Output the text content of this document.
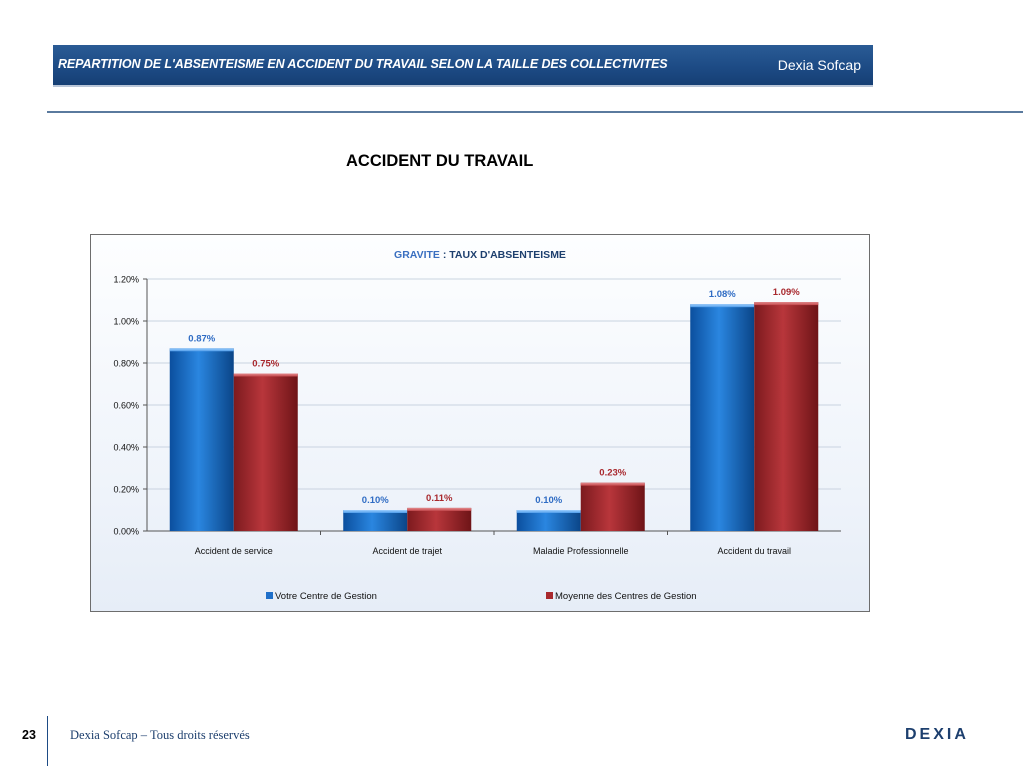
REPARTITION DE L'ABSENTEISME EN ACCIDENT DU TRAVAIL SELON LA TAILLE DES COLLECTIVITES	Dexia Sofcap
ACCIDENT DU TRAVAIL
GRAVITE : TAUX D'ABSENTEISME
0.00%
0.20%
0.40%
0.60%
0.80%
1.00%
1.20%
Accident de service	Accident de trajet	Maladie Professionnelle	Accident du travail
0.87%
0.75%
0.10%	0.11%	0.10%
0.23%
1.08%	1.09%
Votre Centre de Gestion	Moyenne des Centres de Gestion
23	Dexia Sofcap – Tous droits réservés	DEXIA
